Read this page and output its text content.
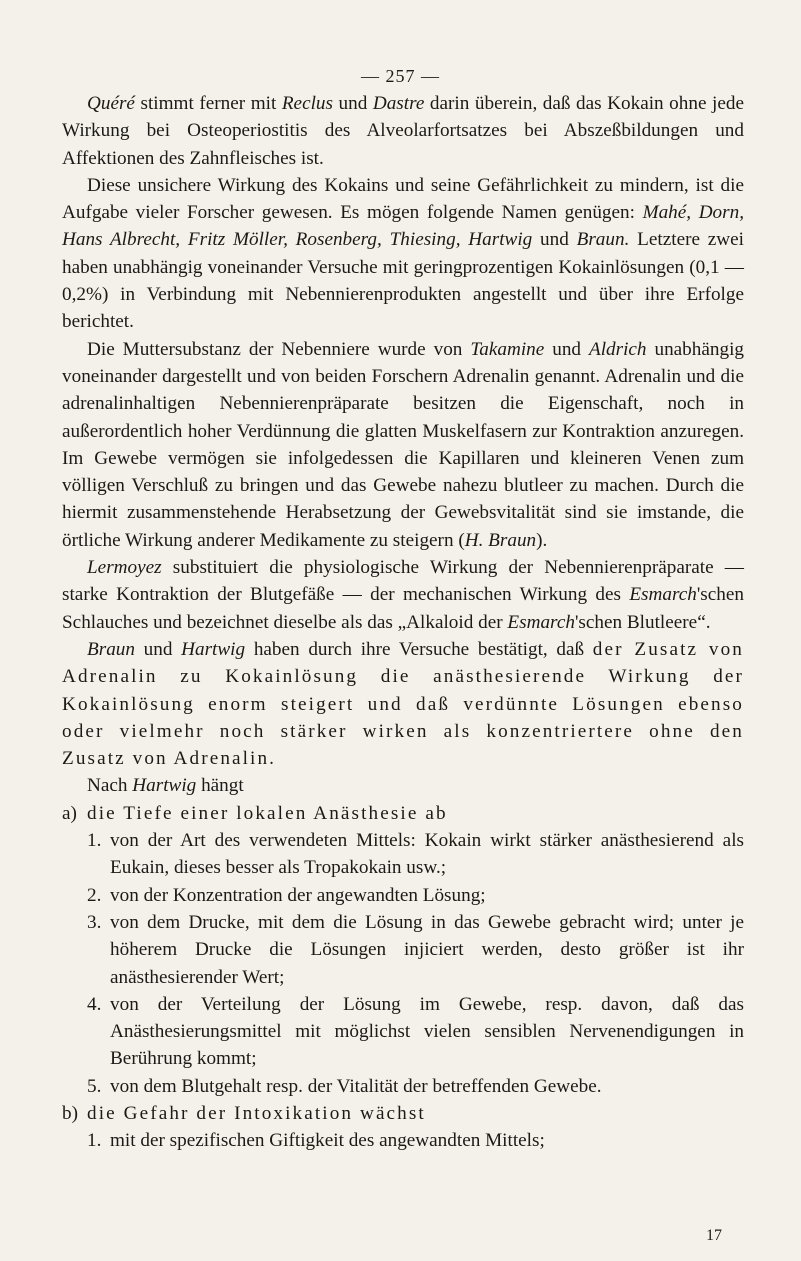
— 257 —

Quéré stimmt ferner mit Reclus und Dastre darin überein, daß das Kokain ohne jede Wirkung bei Osteoperiostitis des Alveolarfortsatzes bei Abszeßbildungen und Affektionen des Zahnfleisches ist.

Diese unsichere Wirkung des Kokains und seine Gefährlichkeit zu mindern, ist die Aufgabe vieler Forscher gewesen. Es mögen folgende Namen genügen: Mahé, Dorn, Hans Albrecht, Fritz Möller, Rosenberg, Thiesing, Hartwig und Braun. Letztere zwei haben unabhängig voneinander Versuche mit geringprozentigen Kokainlösungen (0,1 — 0,2%) in Verbindung mit Nebennierenprodukten angestellt und über ihre Erfolge berichtet.

Die Muttersubstanz der Nebenniere wurde von Takamine und Aldrich unabhängig voneinander dargestellt und von beiden Forschern Adrenalin genannt. Adrenalin und die adrenalinhaltigen Nebennierenpräparate besitzen die Eigenschaft, noch in außerordentlich hoher Verdünnung die glatten Muskelfasern zur Kontraktion anzuregen. Im Gewebe vermögen sie infolgedessen die Kapillaren und kleineren Venen zum völligen Verschluß zu bringen und das Gewebe nahezu blutleer zu machen. Durch die hiermit zusammenstehende Herabsetzung der Gewebsvitalität sind sie imstande, die örtliche Wirkung anderer Medikamente zu steigern (H. Braun).

Lermoyez substituiert die physiologische Wirkung der Nebennierenpräparate — starke Kontraktion der Blutgefäße — der mechanischen Wirkung des Esmarch'schen Schlauches und bezeichnet dieselbe als das „Alkaloid der Esmarch'schen Blutleere“.

Braun und Hartwig haben durch ihre Versuche bestätigt, daß der Zusatz von Adrenalin zu Kokainlösung die anästhesierende Wirkung der Kokainlösung enorm steigert und daß verdünnte Lösungen ebenso oder vielmehr noch stärker wirken als konzentriertere ohne den Zusatz von Adrenalin.

Nach Hartwig hängt

a) die Tiefe einer lokalen Anästhesie ab
1. von der Art des verwendeten Mittels: Kokain wirkt stärker anästhesierend als Eukain, dieses besser als Tropakokain usw.;
2. von der Konzentration der angewandten Lösung;
3. von dem Drucke, mit dem die Lösung in das Gewebe gebracht wird; unter je höherem Drucke die Lösungen injiciert werden, desto größer ist ihr anästhesierender Wert;
4. von der Verteilung der Lösung im Gewebe, resp. davon, daß das Anästhesierungsmittel mit möglichst vielen sensiblen Nervenendigungen in Berührung kommt;
5. von dem Blutgehalt resp. der Vitalität der betreffenden Gewebe.
b) die Gefahr der Intoxikation wächst
1. mit der spezifischen Giftigkeit des angewandten Mittels;
17
